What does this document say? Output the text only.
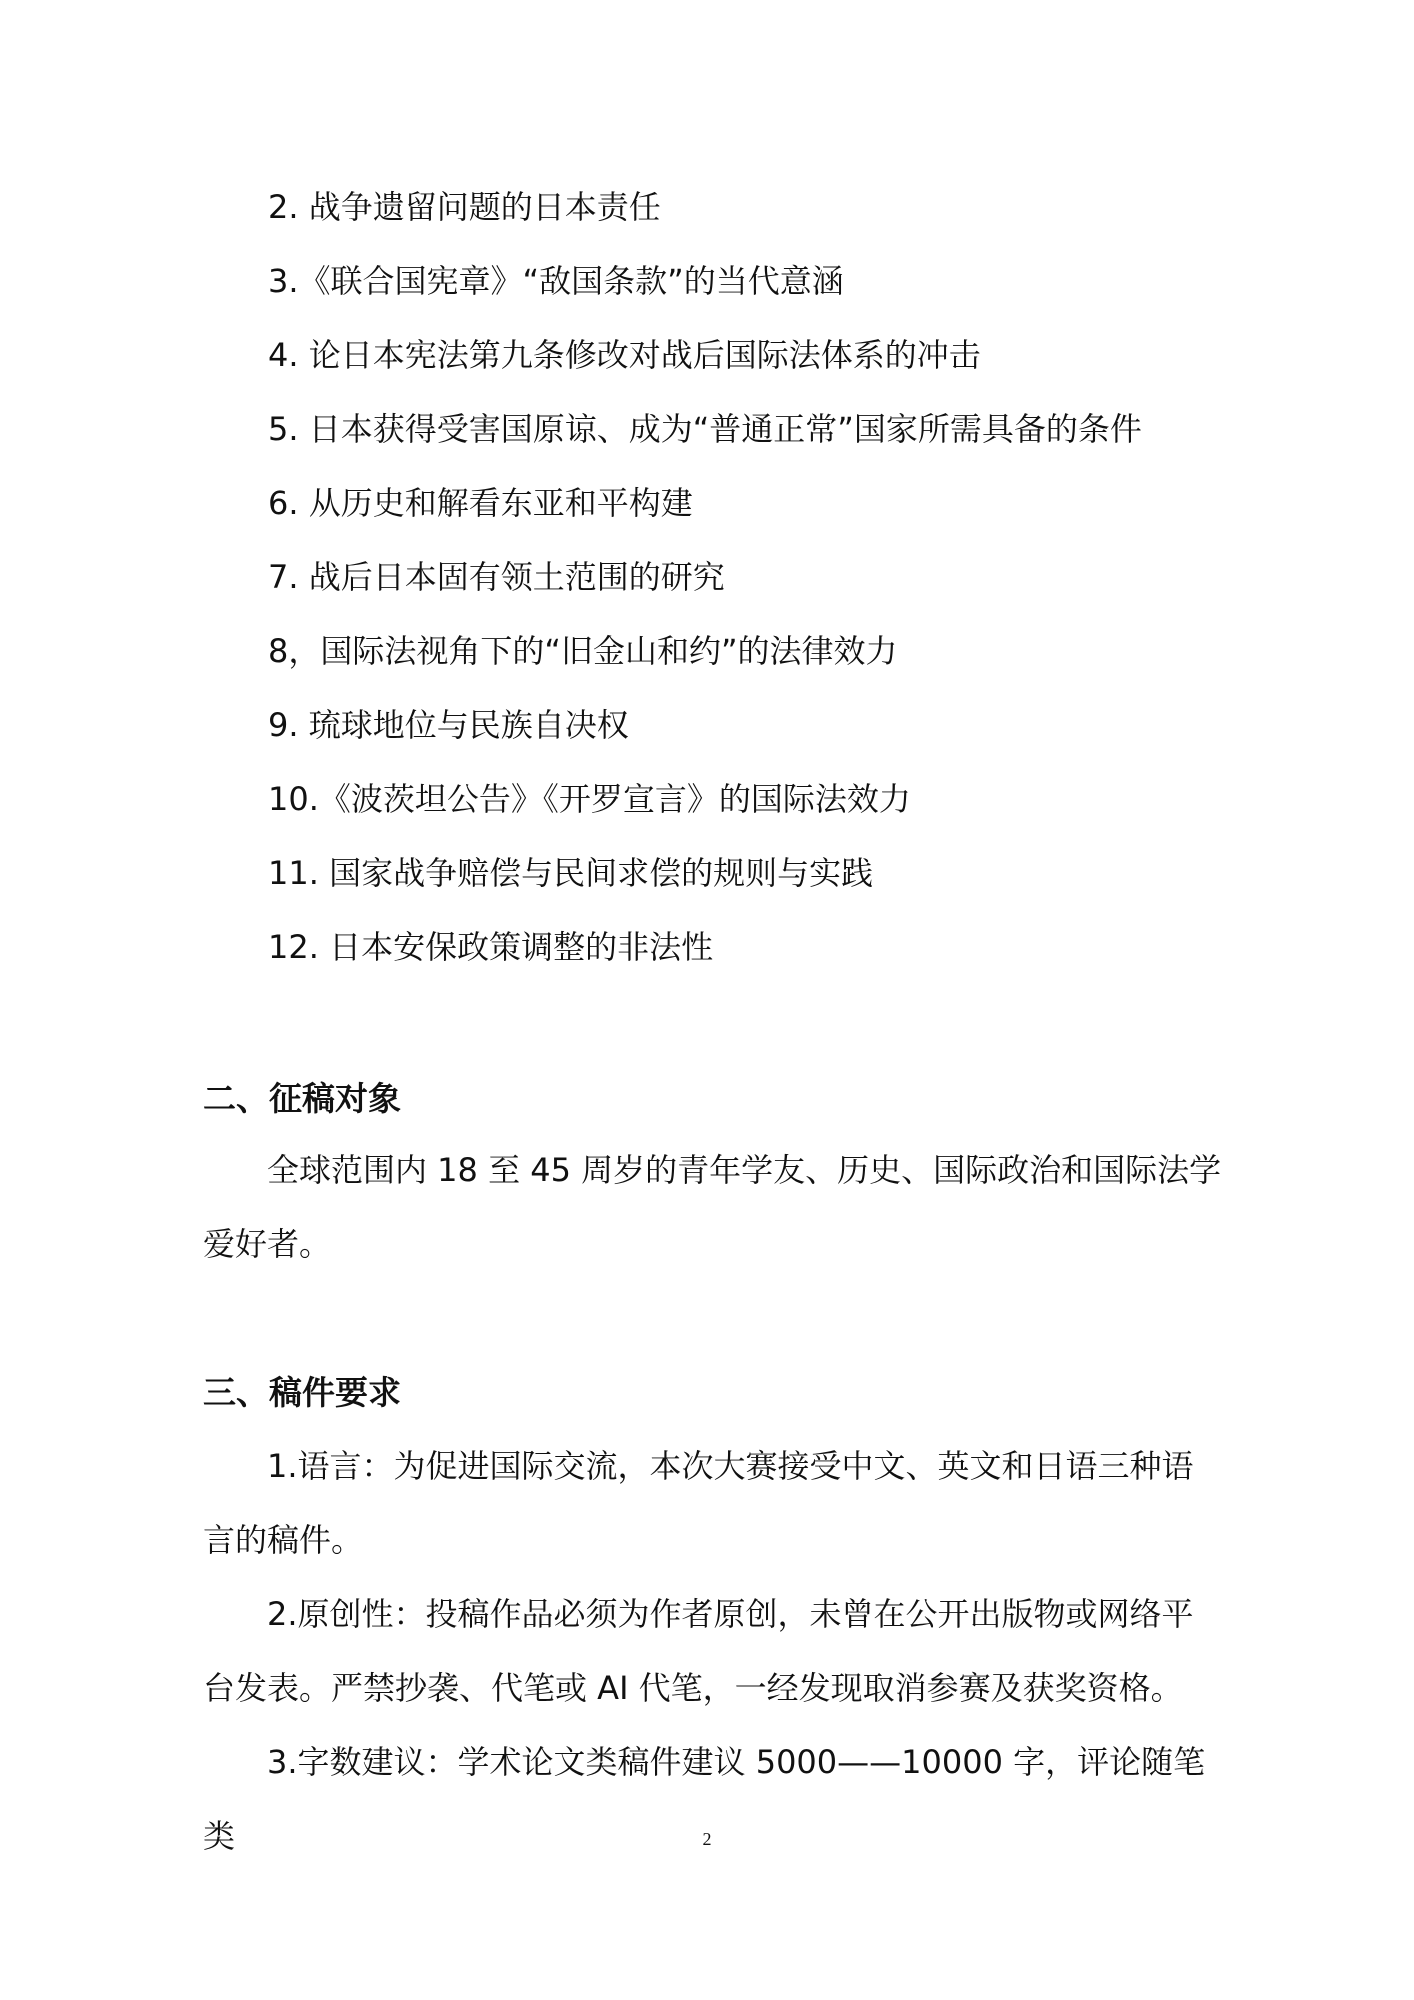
2. 战争遗留问题的日本责任
3.《联合国宪章》“敌国条款”的当代意涵
4. 论日本宪法第九条修改对战后国际法体系的冲击
5. 日本获得受害国原谅、成为“普通正常”国家所需具备的条件
6. 从历史和解看东亚和平构建
7. 战后日本固有领土范围的研究
8，国际法视角下的“旧金山和约”的法律效力
9. 琉球地位与民族自决权
10.《波茨坦公告》《开罗宣言》的国际法效力
11. 国家战争赔偿与民间求偿的规则与实践
12. 日本安保政策调整的非法性
二、征稿对象
全球范围内 18 至 45 周岁的青年学友、历史、国际政治和国际法学爱好者。
三、稿件要求
1.语言：为促进国际交流，本次大赛接受中文、英文和日语三种语言的稿件。
2.原创性：投稿作品必须为作者原创，未曾在公开出版物或网络平台发表。严禁抄袭、代笔或 AI 代笔，一经发现取消参赛及获奖资格。
3.字数建议：学术论文类稿件建议 5000——10000 字，评论随笔类	2
